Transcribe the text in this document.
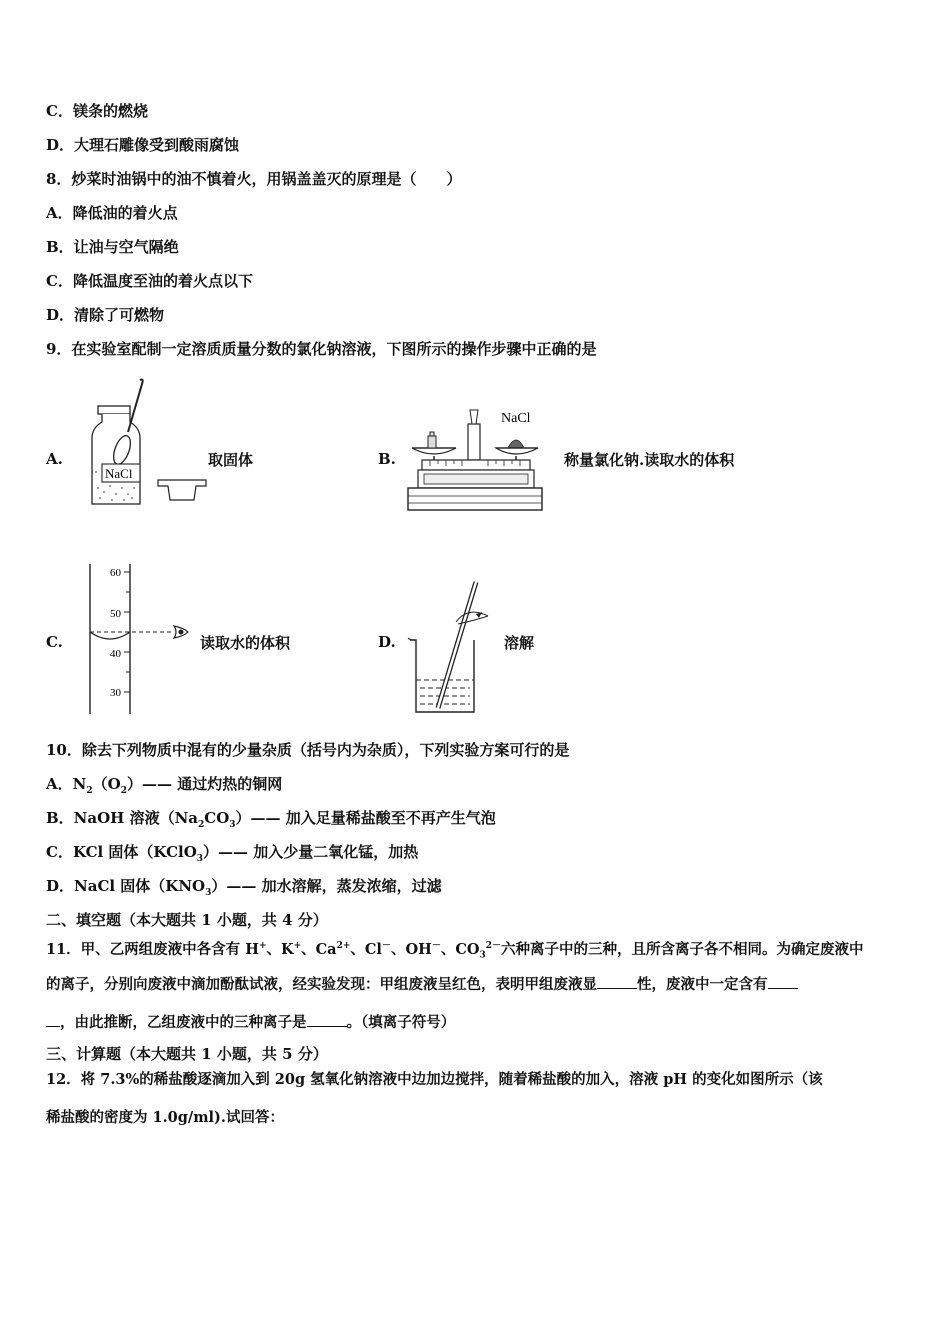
C．镁条的燃烧
D．大理石雕像受到酸雨腐蚀
8．炒菜时油锅中的油不慎着火，用锅盖盖灭的原理是（　　）
A．降低油的着火点
B．让油与空气隔绝
C．降低温度至油的着火点以下
D．清除了可燃物
9．在实验室配制一定溶质质量分数的氯化钠溶液，下图所示的操作步骤中正确的是
A.
NaCl
取固体	B.
NaCl
称量氯化钠.读取水的体积
C.
60
50
40
30
读取水的体积	D.	溶解
10．除去下列物质中混有的少量杂质（括号内为杂质），下列实验方案可行的是
A．$N_2(O_2)——$ 通过灼热的铜网
B．NaOH 溶液$(Na_2CO_3)——$ 加入足量稀盐酸至不再产生气泡
C．KCl 固体（KClO$_3$）—— 加入少量二氧化锰，加热
D．NaCl 固体$(KNO_3)——$ 加水溶解，蒸发浓缩，过滤
二、填空题（本大题共 1 小题，共 4 分）
11．甲、乙两组废液中各含有 H+、K+、$Ca^{2+}$、Cl－、OH－、$CO_3^{2-}$六种离子中的三种，且所含离子各不相同。为确定废液中
的离子，分别向废液中滴加酚酞试液，经实验发现：甲组废液呈红色，表明甲组废液显	性，废液中一定含有
，由此推断，乙组废液中的三种离子是	。（填离子符号）
三、计算题（本大题共 1 小题，共 5 分）
12．将 7.3%的稀盐酸逐滴加入到 20g 氢氧化钠溶液中边加边搅拌，随着稀盐酸的加入，溶液 pH 的变化如图所示（该
稀盐酸的密度为 1.0g/ml).试回答：
